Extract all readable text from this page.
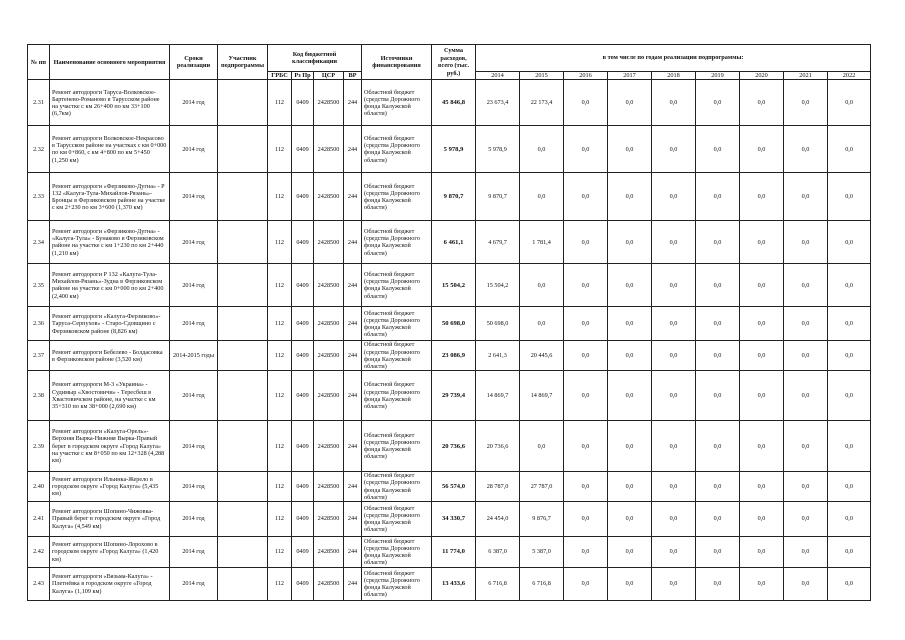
№ пп	Наименование основного мероприятия	Сроки реализации	Участник подпрограммы	Код бюджетной классификации				Источники финансирования	Сумма расходов, всего (тыс. руб.)	в том числе по годам реализации подпрограммы:								
				ГРБС	Рз Пр	ЦСР	ВР			2014	2015	2016	2017	2018	2019	2020	2021	2022
2.31	Ремонт автодороги Таруса-Волковское-Бартенево-Романово в Тарусском районе на участке с км 26+400 по км 33+100 (6,7км)	2014 год		112	0409	2428500	244	Областной бюджет (средства Дорожного фонда Калужской области)	45 846,8	23 673,4	22 173,4	0,0	0,0	0,0	0,0	0,0	0,0	0,0
2.32	Ремонт автодороги Волковское-Некрасово в Тарусском районе на участках с км 0+000 по км 0+860, с км 4+800 по км 5+450 (1,250 км)	2014 год		112	0409	2428500	244	Областной бюджет (средства Дорожного фонда Калужской области)	5 978,9	5 978,9	0,0	0,0	0,0	0,0	0,0	0,0	0,0	0,0
2.33	Ремонт автодороги «Ферзиково-Дугна» - Р 132 «Калуга-Тула-Михайлов-Рязань»-Бронцы в Ферзиковском районе на участке с км 2+230 по км 3+600 (1,370 км)	2014 год		112	0409	2428500	244	Областной бюджет (средства Дорожного фонда Калужской области)	9 870,7	9 870,7	0,0	0,0	0,0	0,0	0,0	0,0	0,0	0,0
2.34	Ремонт автодороги «Ферзиково-Дугна» - «Калуга-Тула» - Бунаково в Ферзиковском районе на участке с км 1+230 по км 2+440 (1,210 км)	2014 год		112	0409	2428500	244	Областной бюджет (средства Дорожного фонда Калужской области)	6 461,1	4 679,7	1 781,4	0,0	0,0	0,0	0,0	0,0	0,0	0,0
2.35	Ремонт автодороги Р 132 «Калуга-Тула-Михайлов-Рязань»-Зудна в Ферзиковском районе на участке с км 0+000 по км 2+400 (2,400 км)	2014 год		112	0409	2428500	244	Областной бюджет (средства Дорожного фонда Калужской области)	15 504,2	15 504,2	0,0	0,0	0,0	0,0	0,0	0,0	0,0	0,0
2.36	Ремонт автодороги «Калуга-Ферзиково»-Таруса-Серпухов» - Старо-Сдовщино с Ферзиковском районе (8,826 км)	2014 год		112	0409	2428500	244	Областной бюджет (средства Дорожного фонда Калужской области)	50 698,0	50 698,0	0,0	0,0	0,0	0,0	0,0	0,0	0,0	0,0
2.37	Ремонт автодороги Бебелево - Болдасовка в Ферзиковском районе (3,520 км)	2014-2015 годы		112	0409	2428500	244	Областной бюджет (средства Дорожного фонда Калужской области)	23 086,9	2 641,3	20 445,6	0,0	0,0	0,0	0,0	0,0	0,0	0,0
2.38	Ремонт автодороги М-3 «Украина» - Судимыр «Хвостовичи» - Тересбеш в Хвастовичском районе, на участке с км 35+310 по км 38+000 (2,690 км)	2014 год		112	0409	2428500	244	Областной бюджет (средства Дорожного фонда Калужской области)	29 739,4	14 869,7	14 869,7	0,0	0,0	0,0	0,0	0,0	0,0	0,0
2.39	Ремонт автодороги «Калуга-Орель»-Верхняя Вырка-Нижняя Вырка-Правый берег в городском округе «Город Калуга» на участке с км 8+050 по км 12+328 (4,288 км)	2014 год		112	0409	2428500	244	Областной бюджет (средства Дорожного фонда Калужской области)	20 736,6	20 736,6	0,0	0,0	0,0	0,0	0,0	0,0	0,0	0,0
2.40	Ремонт автодороги Ильинка-Жерело в городском округе «Город Калуга» (5,435 км)	2014 год		112	0409	2428500	244	Областной бюджет (средства Дорожного фонда Калужской области)	56 574,0	28 787,0	27 787,0	0,0	0,0	0,0	0,0	0,0	0,0	0,0
2.41	Ремонт автодороги Шопино-Чижовка-Правый берег в городском округе «Город Калуга» (4,549 км)	2014 год		112	0409	2428500	244	Областной бюджет (средства Дорожного фонда Калужской области)	34 330,7	24 454,0	9 876,7	0,0	0,0	0,0	0,0	0,0	0,0	0,0
2.42	Ремонт автодороги Шопино-Лорохово в городском округе «Город Калуга» (1,420 км)	2014 год		112	0409	2428500	244	Областной бюджет (средства Дорожного фонда Калужской области)	11 774,0	6 387,0	5 387,0	0,0	0,0	0,0	0,0	0,0	0,0	0,0
2.43	Ремонт автодороги «Вязьма-Калуга» - Плетнёвка в городском округе «Город Калуга» (1,109 км)	2014 год		112	0409	2428500	244	Областной бюджет (средства Дорожного фонда Калужской области)	13 433,6	6 716,8	6 716,8	0,0	0,0	0,0	0,0	0,0	0,0	0,0
